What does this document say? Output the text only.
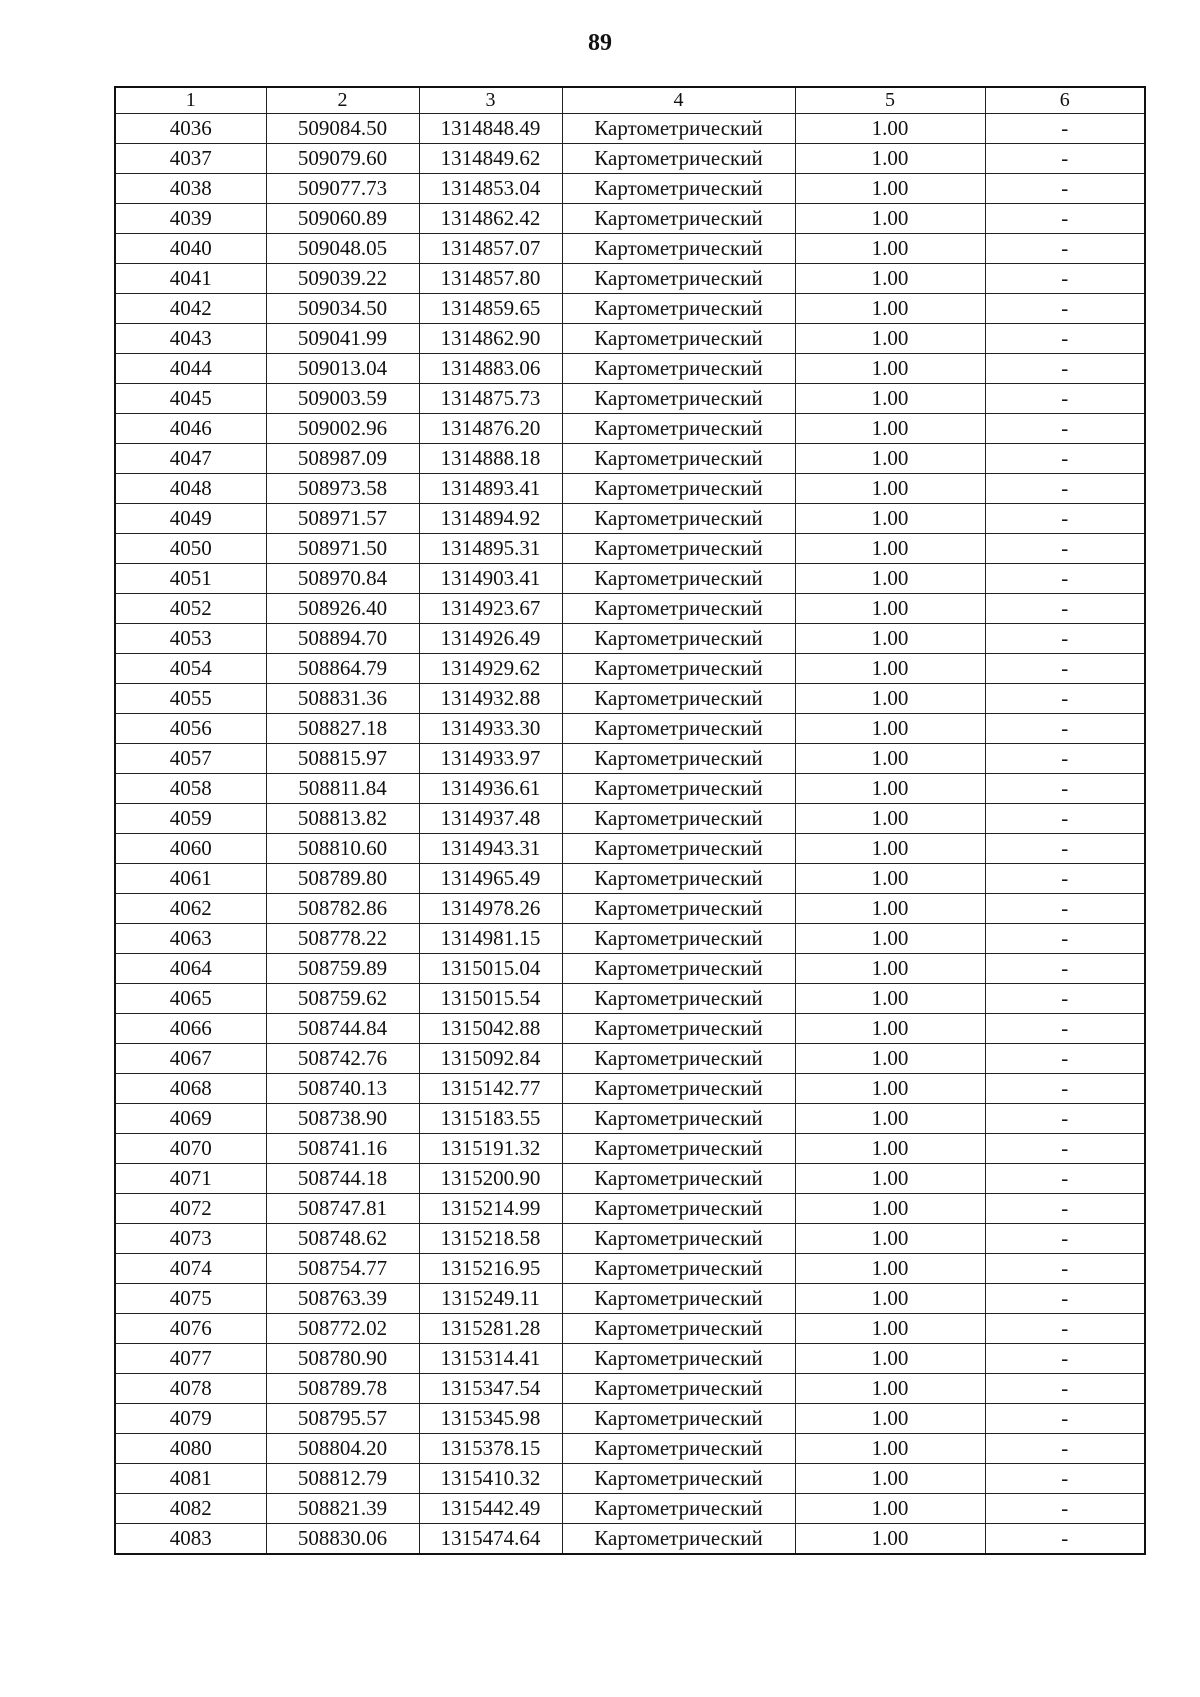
89
1	2	3	4	5	6
4036	509084.50	1314848.49	Картометрический	1.00	-
4037	509079.60	1314849.62	Картометрический	1.00	-
4038	509077.73	1314853.04	Картометрический	1.00	-
4039	509060.89	1314862.42	Картометрический	1.00	-
4040	509048.05	1314857.07	Картометрический	1.00	-
4041	509039.22	1314857.80	Картометрический	1.00	-
4042	509034.50	1314859.65	Картометрический	1.00	-
4043	509041.99	1314862.90	Картометрический	1.00	-
4044	509013.04	1314883.06	Картометрический	1.00	-
4045	509003.59	1314875.73	Картометрический	1.00	-
4046	509002.96	1314876.20	Картометрический	1.00	-
4047	508987.09	1314888.18	Картометрический	1.00	-
4048	508973.58	1314893.41	Картометрический	1.00	-
4049	508971.57	1314894.92	Картометрический	1.00	-
4050	508971.50	1314895.31	Картометрический	1.00	-
4051	508970.84	1314903.41	Картометрический	1.00	-
4052	508926.40	1314923.67	Картометрический	1.00	-
4053	508894.70	1314926.49	Картометрический	1.00	-
4054	508864.79	1314929.62	Картометрический	1.00	-
4055	508831.36	1314932.88	Картометрический	1.00	-
4056	508827.18	1314933.30	Картометрический	1.00	-
4057	508815.97	1314933.97	Картометрический	1.00	-
4058	508811.84	1314936.61	Картометрический	1.00	-
4059	508813.82	1314937.48	Картометрический	1.00	-
4060	508810.60	1314943.31	Картометрический	1.00	-
4061	508789.80	1314965.49	Картометрический	1.00	-
4062	508782.86	1314978.26	Картометрический	1.00	-
4063	508778.22	1314981.15	Картометрический	1.00	-
4064	508759.89	1315015.04	Картометрический	1.00	-
4065	508759.62	1315015.54	Картометрический	1.00	-
4066	508744.84	1315042.88	Картометрический	1.00	-
4067	508742.76	1315092.84	Картометрический	1.00	-
4068	508740.13	1315142.77	Картометрический	1.00	-
4069	508738.90	1315183.55	Картометрический	1.00	-
4070	508741.16	1315191.32	Картометрический	1.00	-
4071	508744.18	1315200.90	Картометрический	1.00	-
4072	508747.81	1315214.99	Картометрический	1.00	-
4073	508748.62	1315218.58	Картометрический	1.00	-
4074	508754.77	1315216.95	Картометрический	1.00	-
4075	508763.39	1315249.11	Картометрический	1.00	-
4076	508772.02	1315281.28	Картометрический	1.00	-
4077	508780.90	1315314.41	Картометрический	1.00	-
4078	508789.78	1315347.54	Картометрический	1.00	-
4079	508795.57	1315345.98	Картометрический	1.00	-
4080	508804.20	1315378.15	Картометрический	1.00	-
4081	508812.79	1315410.32	Картометрический	1.00	-
4082	508821.39	1315442.49	Картометрический	1.00	-
4083	508830.06	1315474.64	Картометрический	1.00	-
